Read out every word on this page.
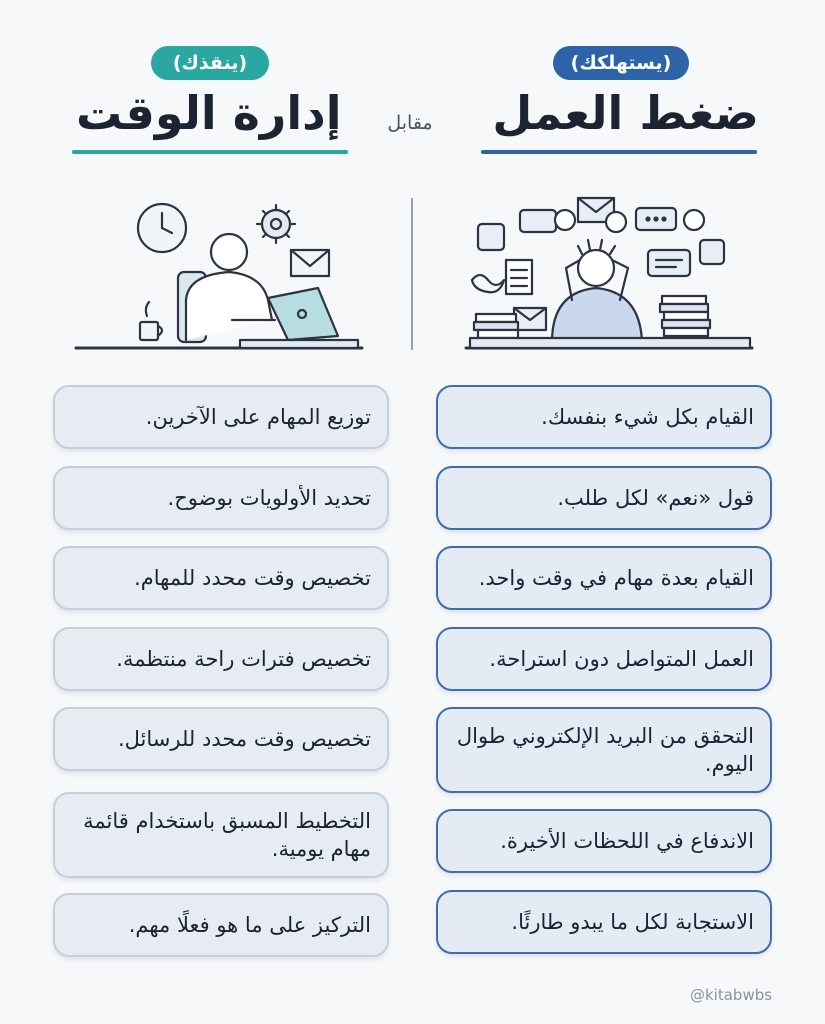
(يستهلكك)
(ينقذك)
ضغط العمل
مقابل
إدارة الوقت
القيام بكل شيء بنفسك.
قول «نعم» لكل طلب.
القيام بعدة مهام في وقت واحد.
العمل المتواصل دون استراحة.
التحقق من البريد الإلكتروني طوال اليوم.
الاندفاع في اللحظات الأخيرة.
الاستجابة لكل ما يبدو طارئًا.
توزيع المهام على الآخرين.
تحديد الأولويات بوضوح.
تخصيص وقت محدد للمهام.
تخصيص فترات راحة منتظمة.
تخصيص وقت محدد للرسائل.
التخطيط المسبق باستخدام قائمة مهام يومية.
التركيز على ما هو فعلًا مهم.
@kitabwbs
